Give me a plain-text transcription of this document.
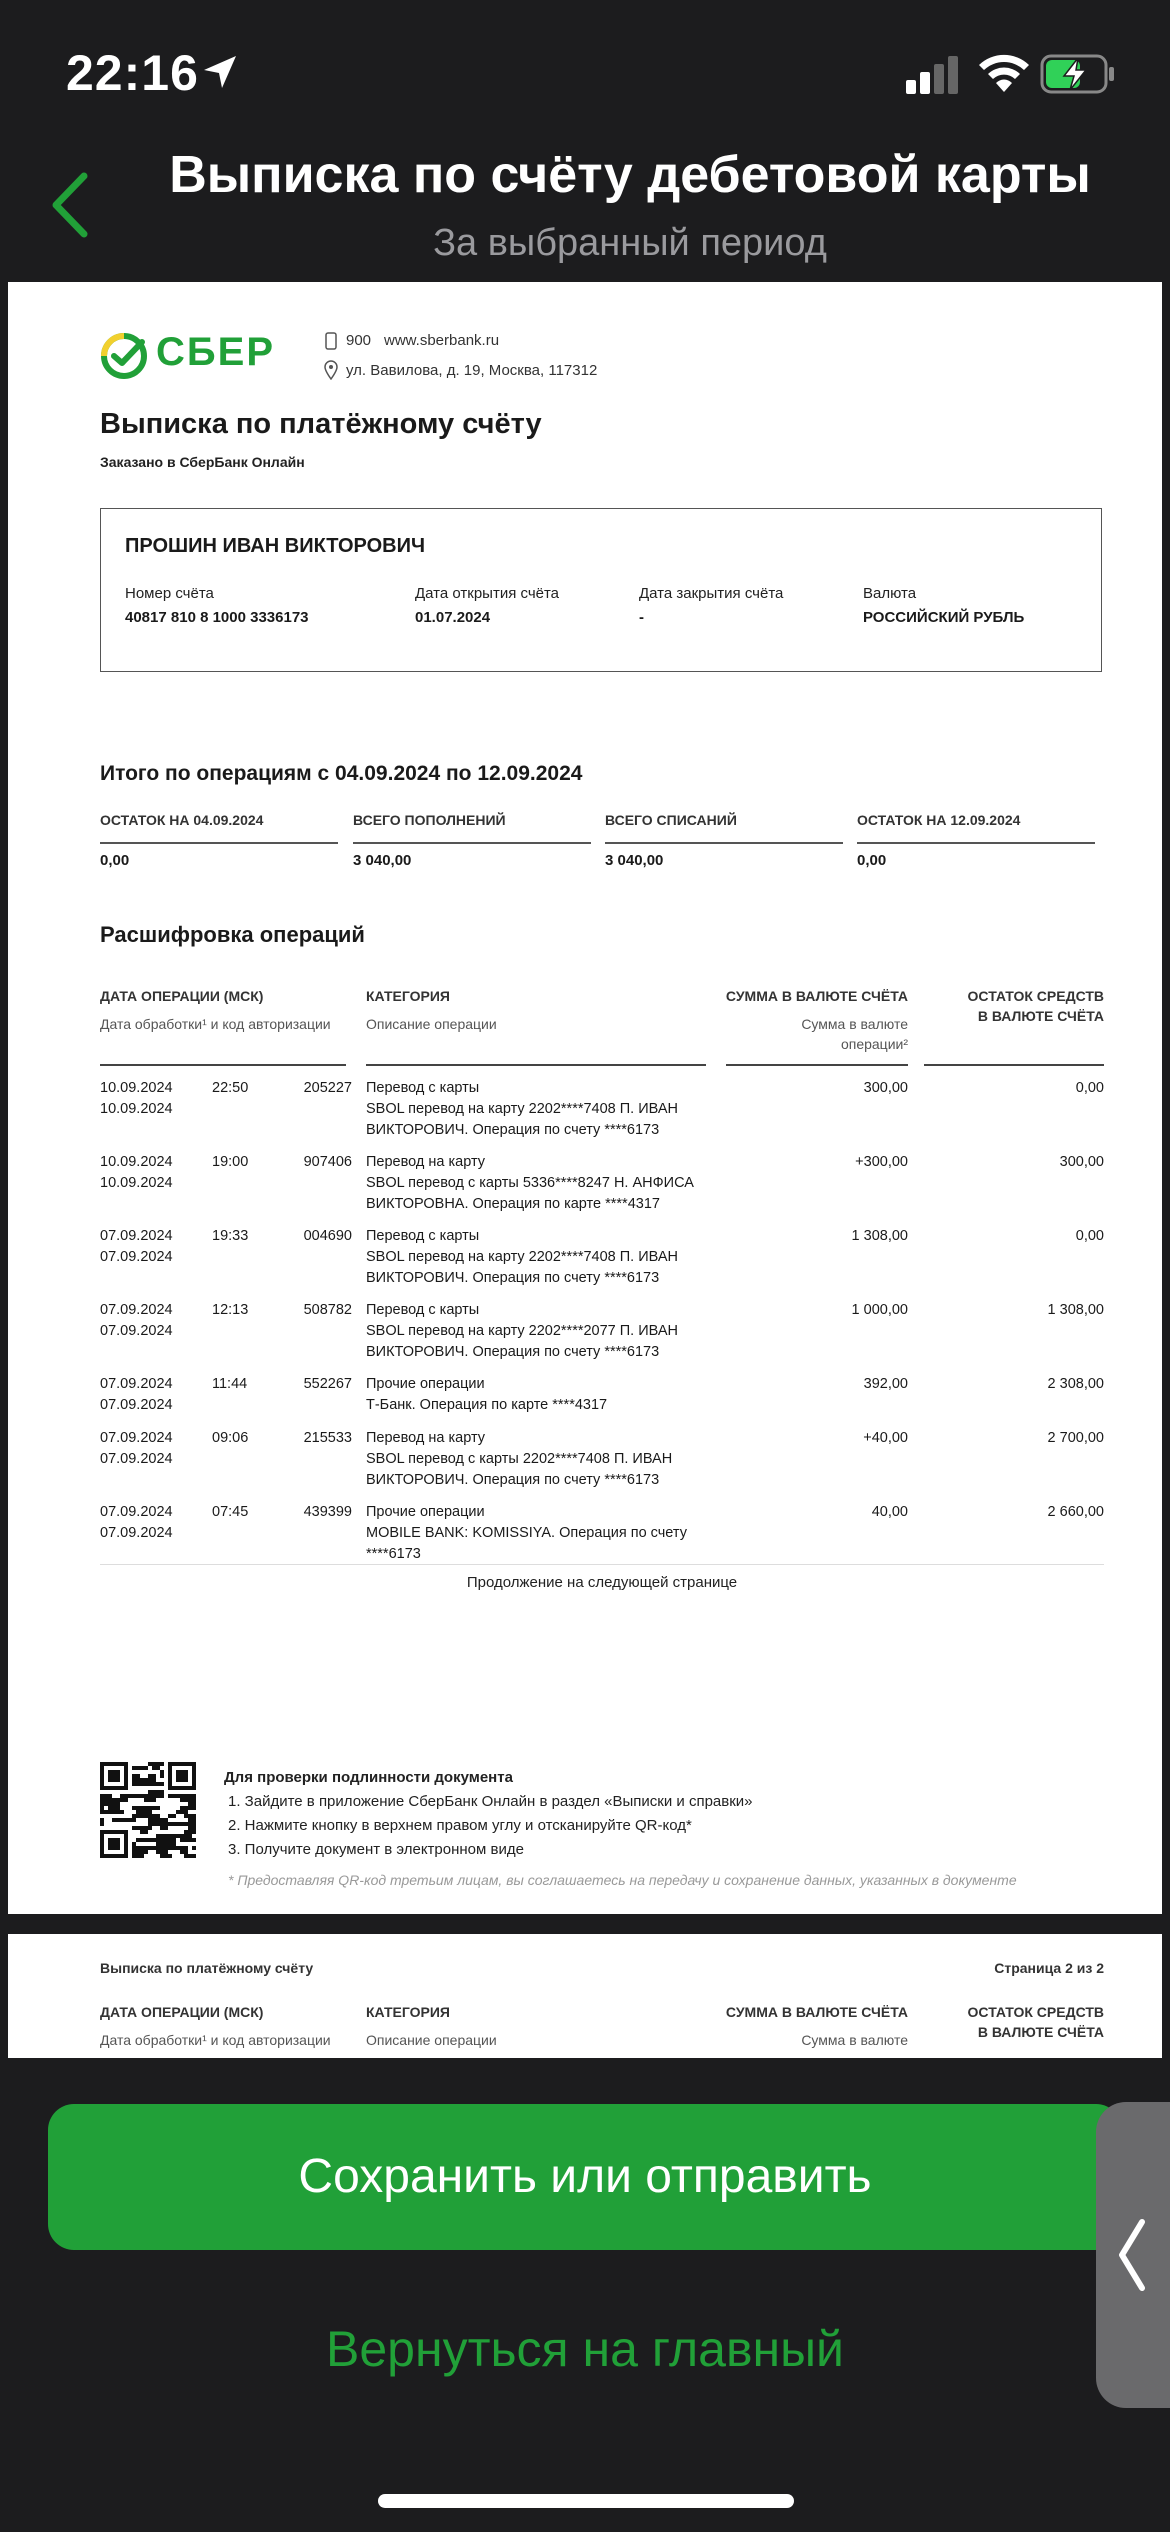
22:16
Выписка по счёту дебетовой карты
За выбранный период
СБЕР	900 www.sberbank.ru
ул. Вавилова, д. 19, Москва, 117312
Выписка по платёжному счёту
Заказано в СберБанк Онлайн
ПРОШИН ИВАН ВИКТОРОВИЧ
Номер счёта
40817 810 8 1000 3336173
Дата открытия счёта
01.07.2024
Дата закрытия счёта
-
Валюта
РОССИЙСКИЙ РУБЛЬ
Итого по операциям с 04.09.2024 по 12.09.2024
ОСТАТОК НА 04.09.2024
0,00
ВСЕГО ПОПОЛНЕНИЙ
3 040,00
ВСЕГО СПИСАНИЙ
3 040,00
ОСТАТОК НА 12.09.2024
0,00
Расшифровка операций
ДАТА ОПЕРАЦИИ (МСК)
Дата обработки¹ и код авторизации
КАТЕГОРИЯ
Описание операции
СУММА В ВАЛЮТЕ СЧЁТА
Сумма в валюте
операции²
ОСТАТОК СРЕДСТВ
В ВАЛЮТЕ СЧЁТА
10.09.2024	22:50	205227
10.09.2024
Перевод с карты
SBOL перевод на карту 2202****7408 П. ИВАН
ВИКТОРОВИЧ. Операция по счету ****6173
300,00	0,00
10.09.2024	19:00	907406
10.09.2024
Перевод на карту
SBOL перевод с карты 5336****8247 Н. АНФИСА
ВИКТОРОВНА. Операция по карте ****4317
+300,00	300,00
07.09.2024	19:33	004690
07.09.2024
Перевод с карты
SBOL перевод на карту 2202****7408 П. ИВАН
ВИКТОРОВИЧ. Операция по счету ****6173
1 308,00	0,00
07.09.2024	12:13	508782
07.09.2024
Перевод с карты
SBOL перевод на карту 2202****2077 П. ИВАН
ВИКТОРОВИЧ. Операция по счету ****6173
1 000,00	1 308,00
07.09.2024	11:44	552267
07.09.2024
Прочие операции
Т-Банк. Операция по карте ****4317
392,00	2 308,00
07.09.2024	09:06	215533
07.09.2024
Перевод на карту
SBOL перевод с карты 2202****7408 П. ИВАН
ВИКТОРОВИЧ. Операция по счету ****6173
+40,00	2 700,00
07.09.2024	07:45	439399
07.09.2024
Прочие операции
MOBILE BANK: KOMISSIYA. Операция по счету
****6173
40,00	2 660,00
Продолжение на следующей странице
Для проверки подлинности документа
1. Зайдите в приложение СберБанк Онлайн в раздел «Выписки и справки»
2. Нажмите кнопку в верхнем правом углу и отсканируйте QR-код*
3. Получите документ в электронном виде
* Предоставляя QR-код третьим лицам, вы соглашаетесь на передачу и сохранение данных, указанных в документе
Выписка по платёжному счёту	Страница 2 из 2
ДАТА ОПЕРАЦИИ (МСК)
Дата обработки¹ и код авторизации
КАТЕГОРИЯ
Описание операции
СУММА В ВАЛЮТЕ СЧЁТА
Сумма в валюте
ОСТАТОК СРЕДСТВ
В ВАЛЮТЕ СЧЁТА
Сохранить или отправить
Вернуться на главный
